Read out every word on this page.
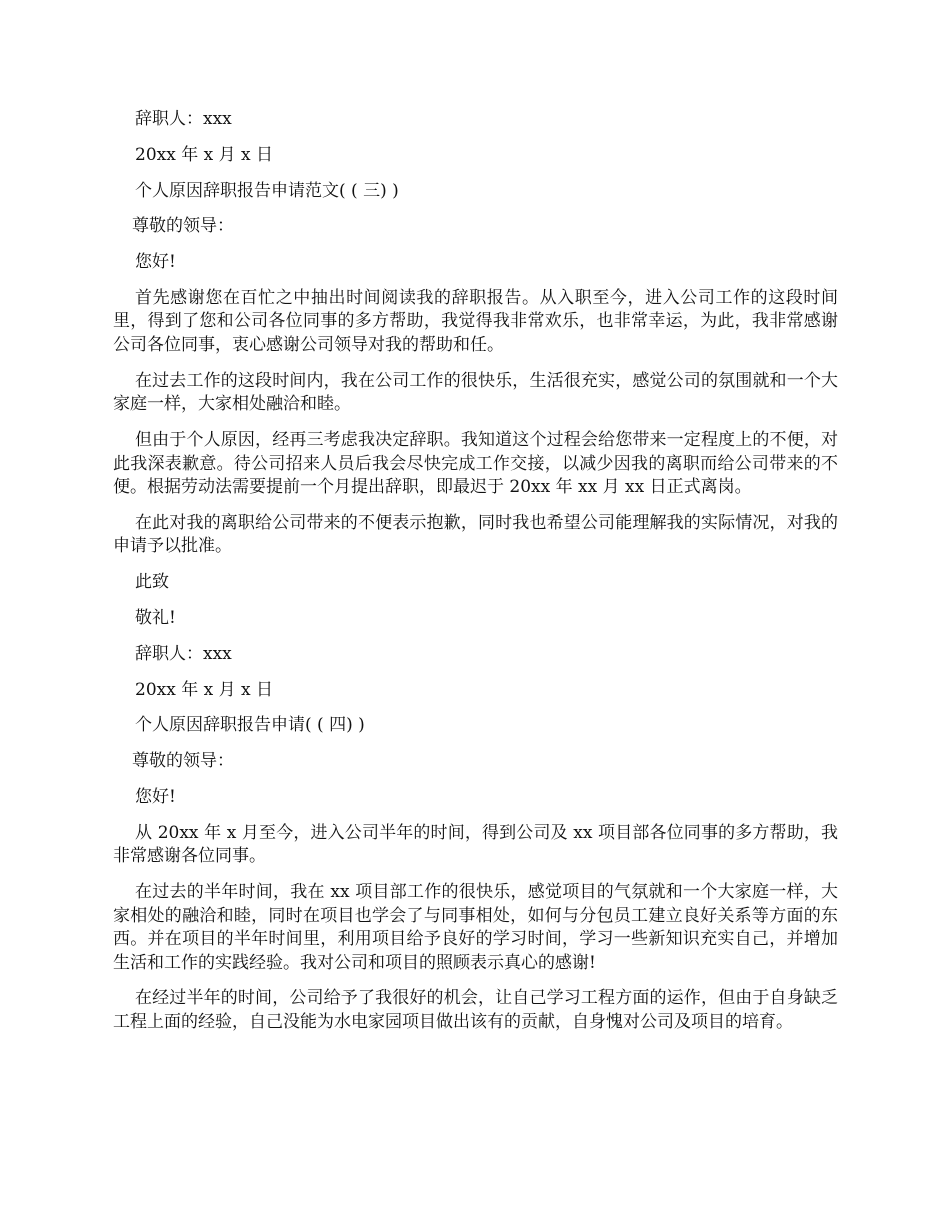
辞职人：xxx

20xx 年 x 月 x 日

个人原因辞职报告申请范文( ( 三) )

尊敬的领导：

您好!

首先感谢您在百忙之中抽出时间阅读我的辞职报告。从入职至今，进入公司工作的这段时间里，得到了您和公司各位同事的多方帮助，我觉得我非常欢乐，也非常幸运，为此，我非常感谢公司各位同事，衷心感谢公司领导对我的帮助和任。

在过去工作的这段时间内，我在公司工作的很快乐，生活很充实，感觉公司的氛围就和一个大家庭一样，大家相处融洽和睦。

但由于个人原因，经再三考虑我决定辞职。我知道这个过程会给您带来一定程度上的不便，对此我深表歉意。待公司招来人员后我会尽快完成工作交接，以减少因我的离职而给公司带来的不便。根据劳动法需要提前一个月提出辞职，即最迟于 20xx 年 xx 月 xx 日正式离岗。

在此对我的离职给公司带来的不便表示抱歉，同时我也希望公司能理解我的实际情况，对我的申请予以批准。

此致

敬礼!

辞职人：xxx

20xx 年 x 月 x 日

个人原因辞职报告申请( ( 四) )

尊敬的领导：

您好!

从 20xx 年 x 月至今，进入公司半年的时间，得到公司及 xx 项目部各位同事的多方帮助，我非常感谢各位同事。

在过去的半年时间，我在 xx 项目部工作的很快乐，感觉项目的气氛就和一个大家庭一样，大家相处的融洽和睦，同时在项目也学会了与同事相处，如何与分包员工建立良好关系等方面的东西。并在项目的半年时间里，利用项目给予良好的学习时间，学习一些新知识充实自己，并增加生活和工作的实践经验。我对公司和项目的照顾表示真心的感谢!

在经过半年的时间，公司给予了我很好的机会，让自己学习工程方面的运作，但由于自身缺乏工程上面的经验，自己没能为水电家园项目做出该有的贡献，自身愧对公司及项目的培育。
